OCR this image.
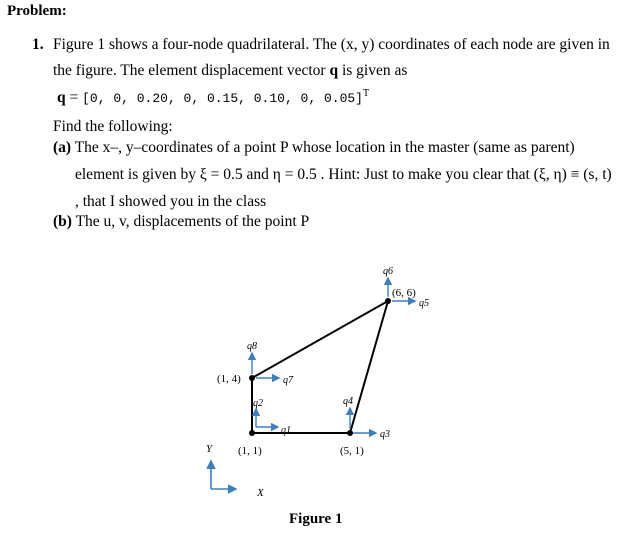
Problem:
1. Figure 1 shows a four-node quadrilateral. The (x, y) coordinates of each node are given in
the figure. The element displacement vector q is given as
q = [0, 0, 0.20, 0, 0.15, 0.10, 0, 0.05]$^T$
Find the following:
(a) The x–, y–coordinates of a point P whose location in the master (same as parent)
element is given by ξ = 0.5 and η = 0.5 . Hint: Just to make you clear that (ξ, η) ≡ (s, t)
, that I showed you in the class
(b) The u, v, displacements of the point P
(1, 1)	(5, 1)
(6, 6)
(1, 4)
q1
q2
q3
q4
q5
q6
q7
q8
Y
X
Figure 1
